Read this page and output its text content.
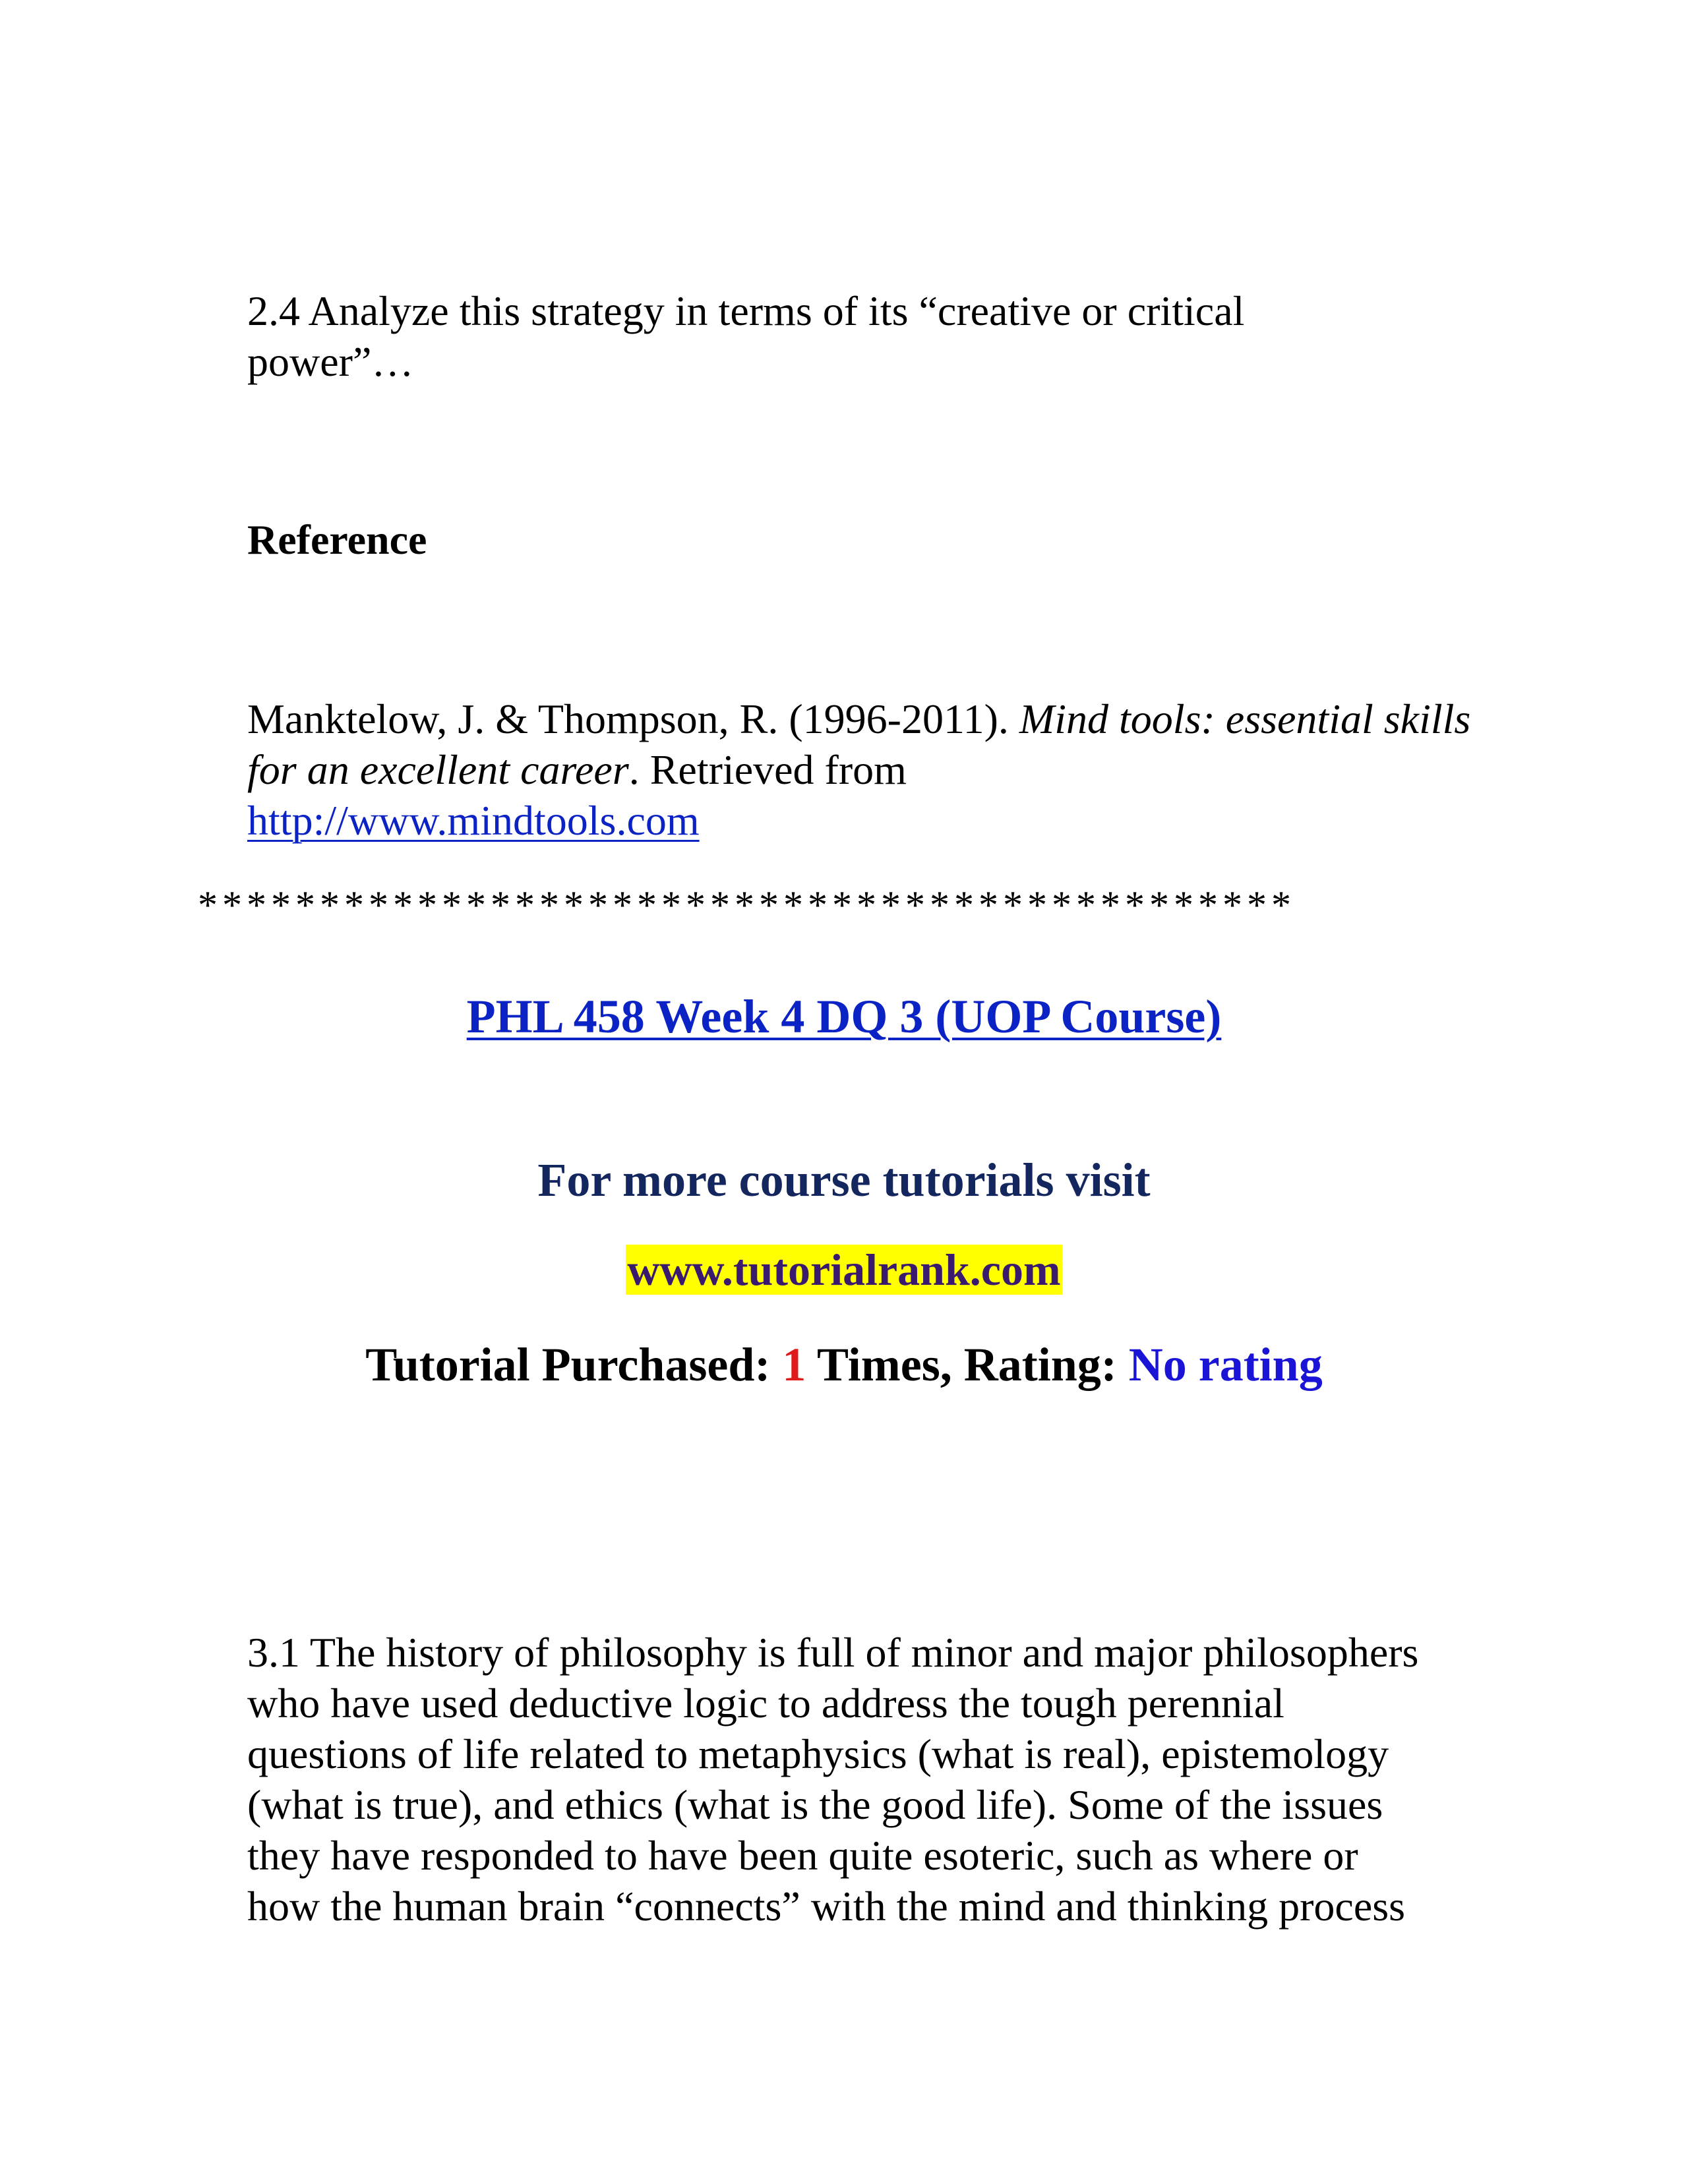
2.4 Analyze this strategy in terms of its “creative or critical
power”…

Reference

Manktelow, J. & Thompson, R. (1996-2011). Mind tools: essential skills for an excellent career. Retrieved from
http://www.mindtools.com

*********************************************
PHL 458 Week 4 DQ 3 (UOP Course)
For more course tutorials visit
www.tutorialrank.com
Tutorial Purchased: 1 Times, Rating: No rating

3.1 The history of philosophy is full of minor and major philosophers
who have used deductive logic to address the tough perennial
questions of life related to metaphysics (what is real), epistemology
(what is true), and ethics (what is the good life). Some of the issues
they have responded to have been quite esoteric, such as where or
how the human brain “connects” with the mind and thinking process
